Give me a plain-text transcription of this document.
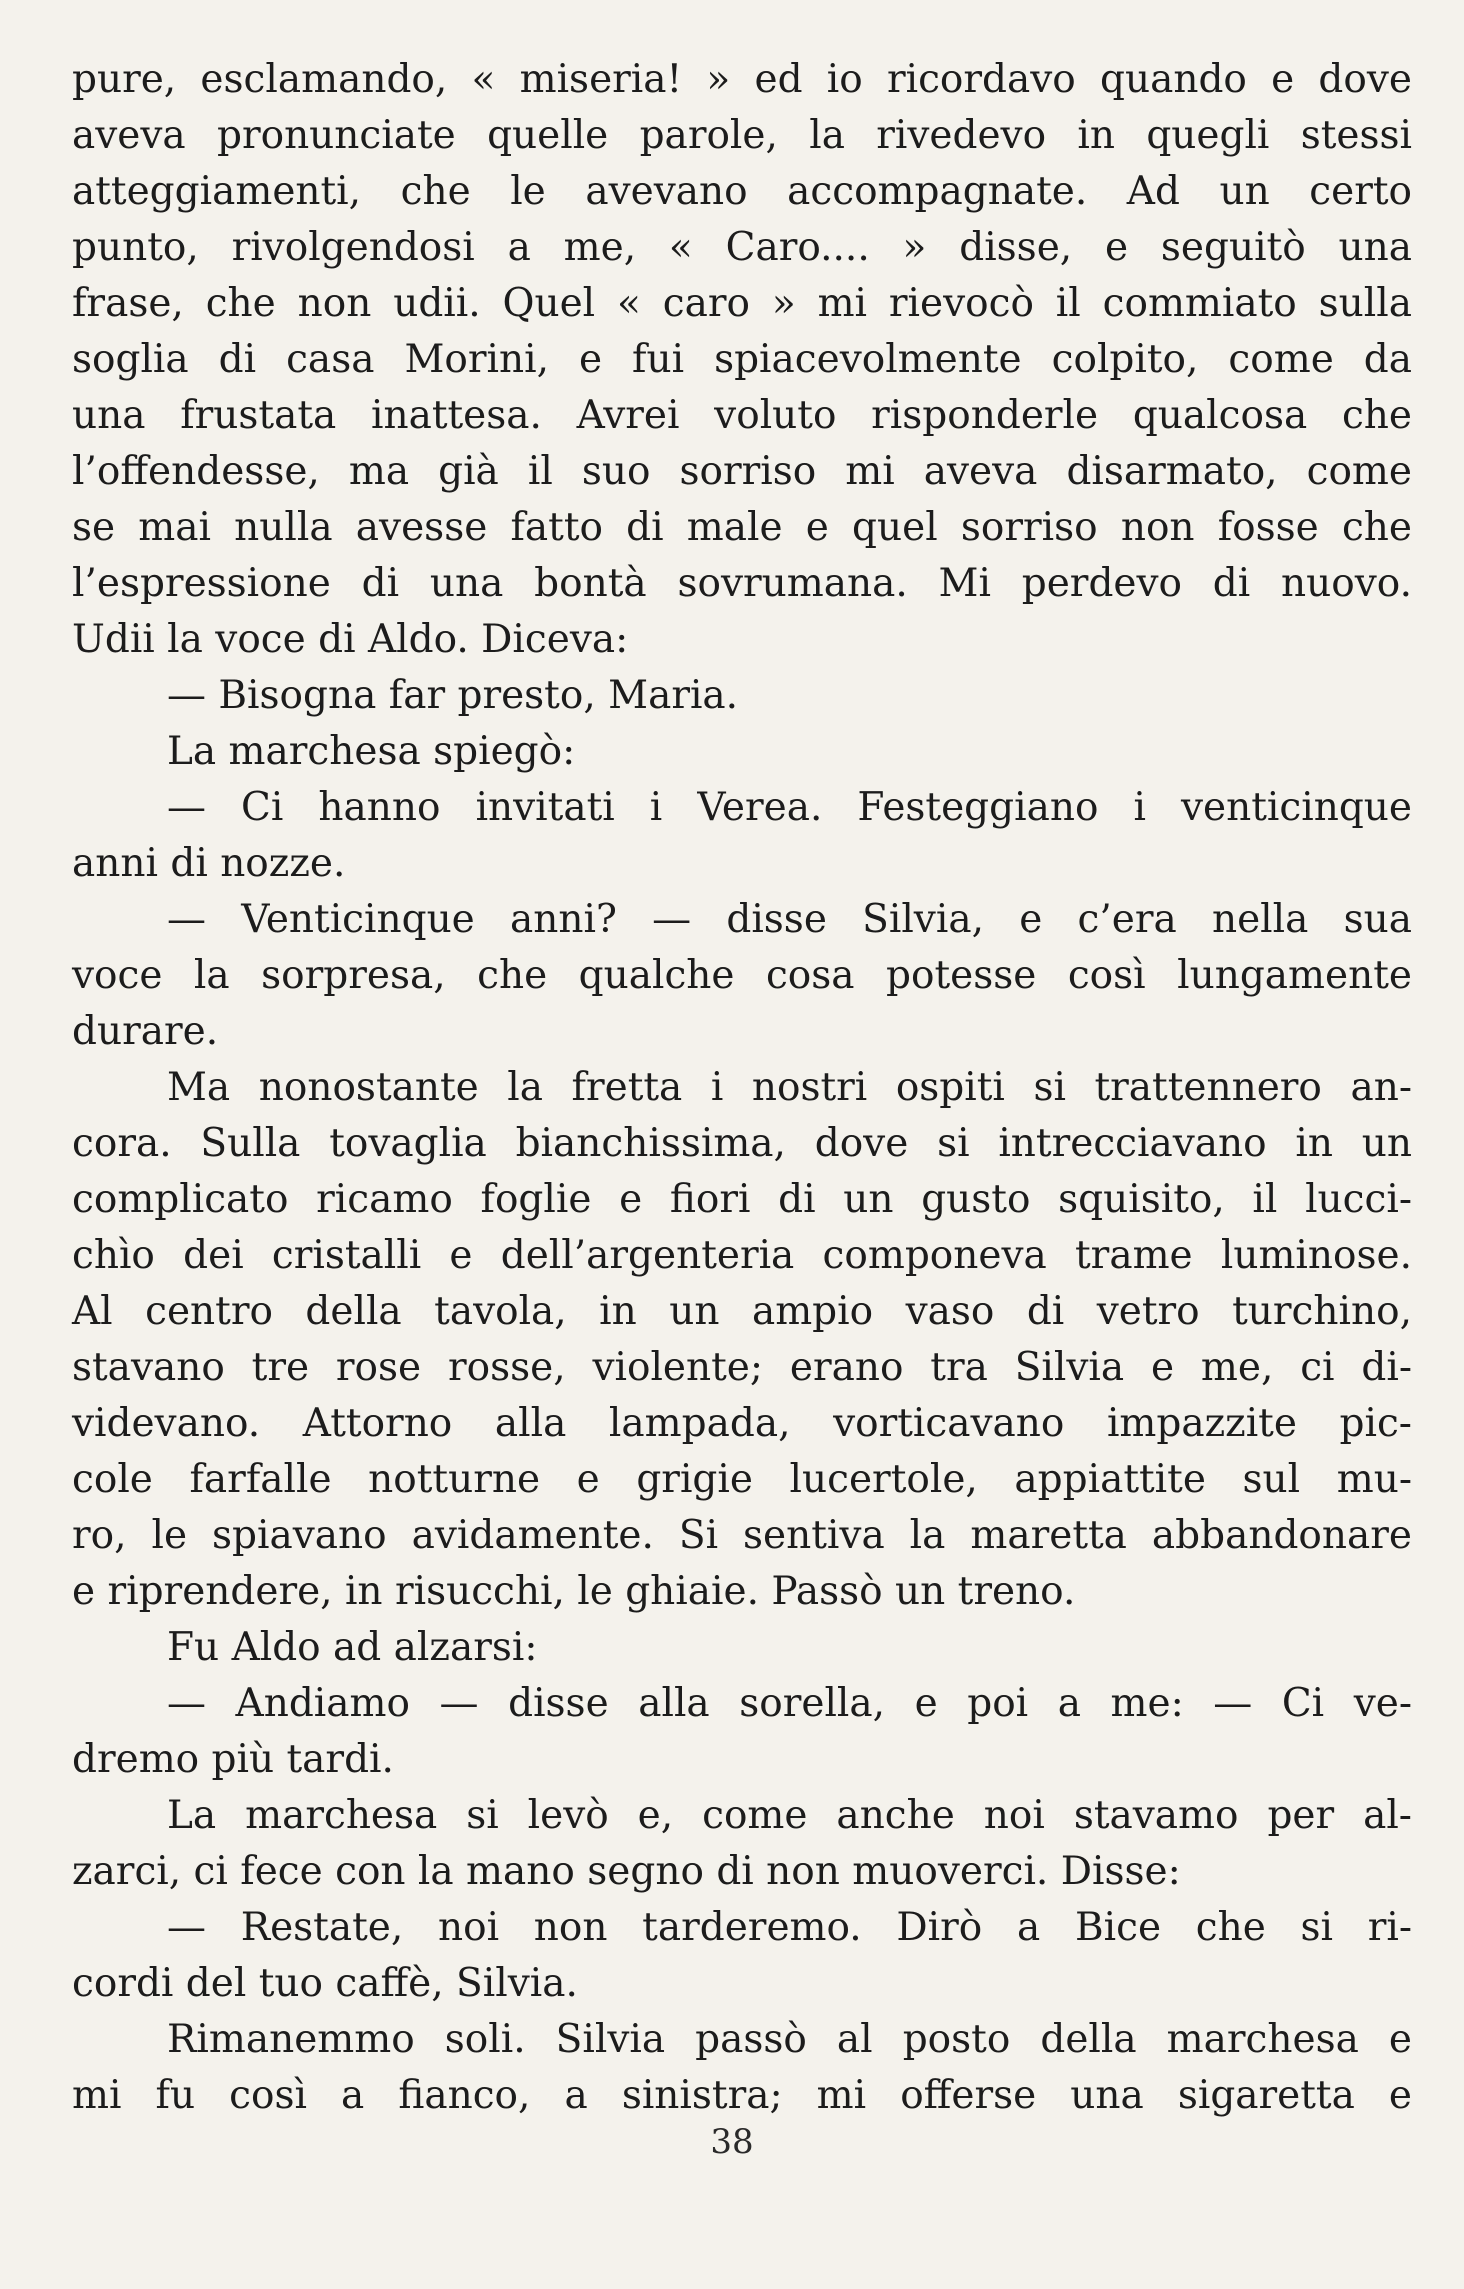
pure, esclamando, « miseria! » ed io ricordavo quando e dove
aveva pronunciate quelle parole, la rivedevo in quegli stessi
atteggiamenti, che le avevano accompagnate. Ad un certo
punto, rivolgendosi a me, « Caro.... » disse, e seguitò una
frase, che non udii. Quel « caro » mi rievocò il commiato sulla
soglia di casa Morini, e fui spiacevolmente colpito, come da
una frustata inattesa. Avrei voluto risponderle qualcosa che
l’offendesse, ma già il suo sorriso mi aveva disarmato, come
se mai nulla avesse fatto di male e quel sorriso non fosse che
l’espressione di una bontà sovrumana. Mi perdevo di nuovo.
Udii la voce di Aldo. Diceva:
— Bisogna far presto, Maria.
La marchesa spiegò:
— Ci hanno invitati i Verea. Festeggiano i venticinque
anni di nozze.
— Venticinque anni? — disse Silvia, e c’era nella sua
voce la sorpresa, che qualche cosa potesse così lungamente
durare.
Ma nonostante la fretta i nostri ospiti si trattennero an-
cora. Sulla tovaglia bianchissima, dove si intrecciavano in un
complicato ricamo foglie e fiori di un gusto squisito, il lucci-
chìo dei cristalli e dell’argenteria componeva trame luminose.
Al centro della tavola, in un ampio vaso di vetro turchino,
stavano tre rose rosse, violente; erano tra Silvia e me, ci di-
videvano. Attorno alla lampada, vorticavano impazzite pic-
cole farfalle notturne e grigie lucertole, appiattite sul mu-
ro, le spiavano avidamente. Si sentiva la maretta abbandonare
e riprendere, in risucchi, le ghiaie. Passò un treno.
Fu Aldo ad alzarsi:
— Andiamo — disse alla sorella, e poi a me: — Ci ve-
dremo più tardi.
La marchesa si levò e, come anche noi stavamo per al-
zarci, ci fece con la mano segno di non muoverci. Disse:
— Restate, noi non tarderemo. Dirò a Bice che si ri-
cordi del tuo caffè, Silvia.
Rimanemmo soli. Silvia passò al posto della marchesa e
mi fu così a fianco, a sinistra; mi offerse una sigaretta e
38
